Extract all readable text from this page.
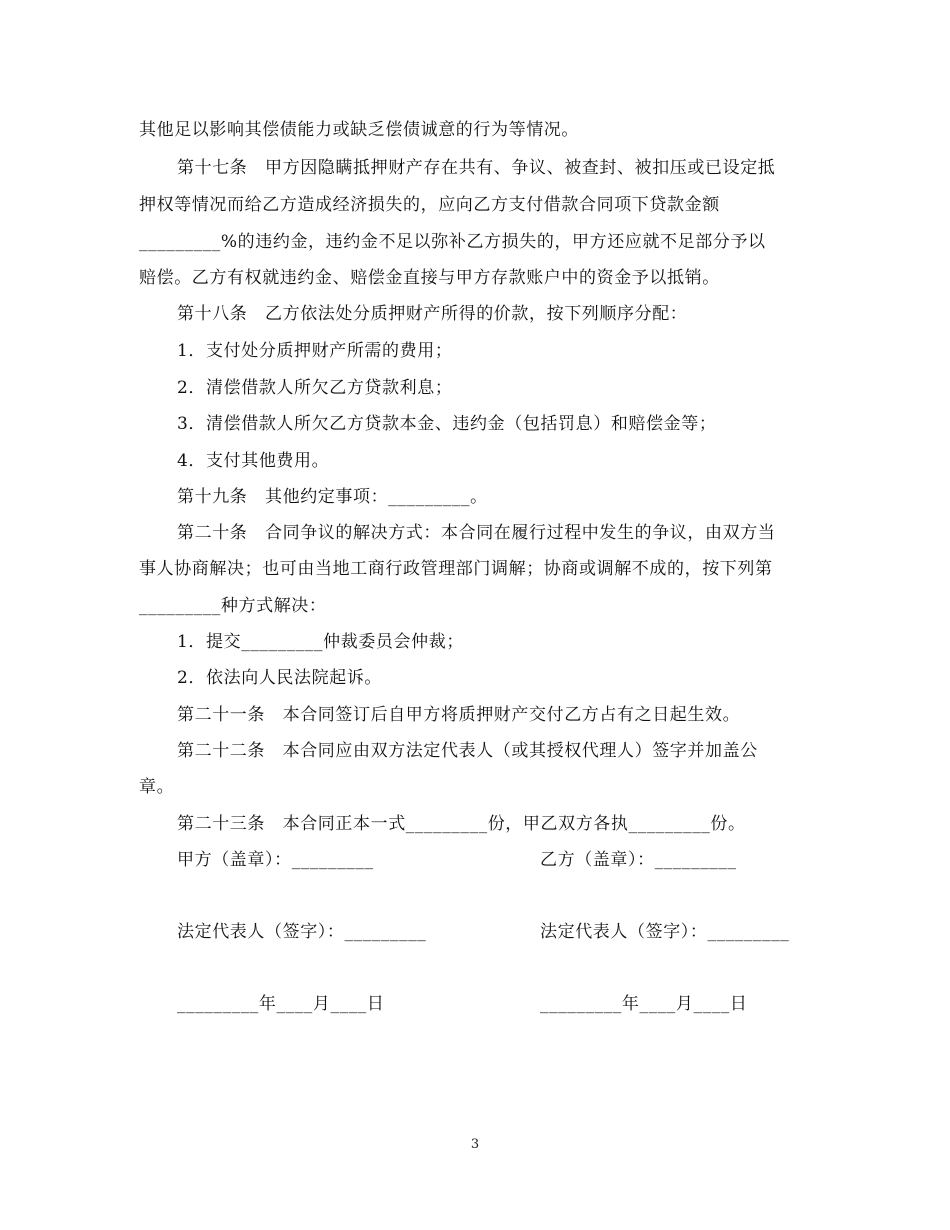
其他足以影响其偿债能力或缺乏偿债诚意的行为等情况。
第十七条　甲方因隐瞒抵押财产存在共有、争议、被查封、被扣压或已设定抵
押权等情况而给乙方造成经济损失的，应向乙方支付借款合同项下贷款金额
_________%的违约金，违约金不足以弥补乙方损失的，甲方还应就不足部分予以
赔偿。乙方有权就违约金、赔偿金直接与甲方存款账户中的资金予以抵销。
第十八条　乙方依法处分质押财产所得的价款，按下列顺序分配：
1．支付处分质押财产所需的费用；
2．清偿借款人所欠乙方贷款利息；
3．清偿借款人所欠乙方贷款本金、违约金（包括罚息）和赔偿金等；
4．支付其他费用。
第十九条　其他约定事项：_________。
第二十条　合同争议的解决方式：本合同在履行过程中发生的争议，由双方当
事人协商解决；也可由当地工商行政管理部门调解；协商或调解不成的，按下列第
_________种方式解决：
1．提交_________仲裁委员会仲裁；
2．依法向人民法院起诉。
第二十一条　本合同签订后自甲方将质押财产交付乙方占有之日起生效。
第二十二条　本合同应由双方法定代表人（或其授权代理人）签字并加盖公
章。
第二十三条　本合同正本一式_________份，甲乙双方各执_________份。
甲方（盖章）：_________	乙方（盖章）：_________
法定代表人（签字）：_________	法定代表人（签字）：_________
_________年____月____日	_________年____月____日
3
